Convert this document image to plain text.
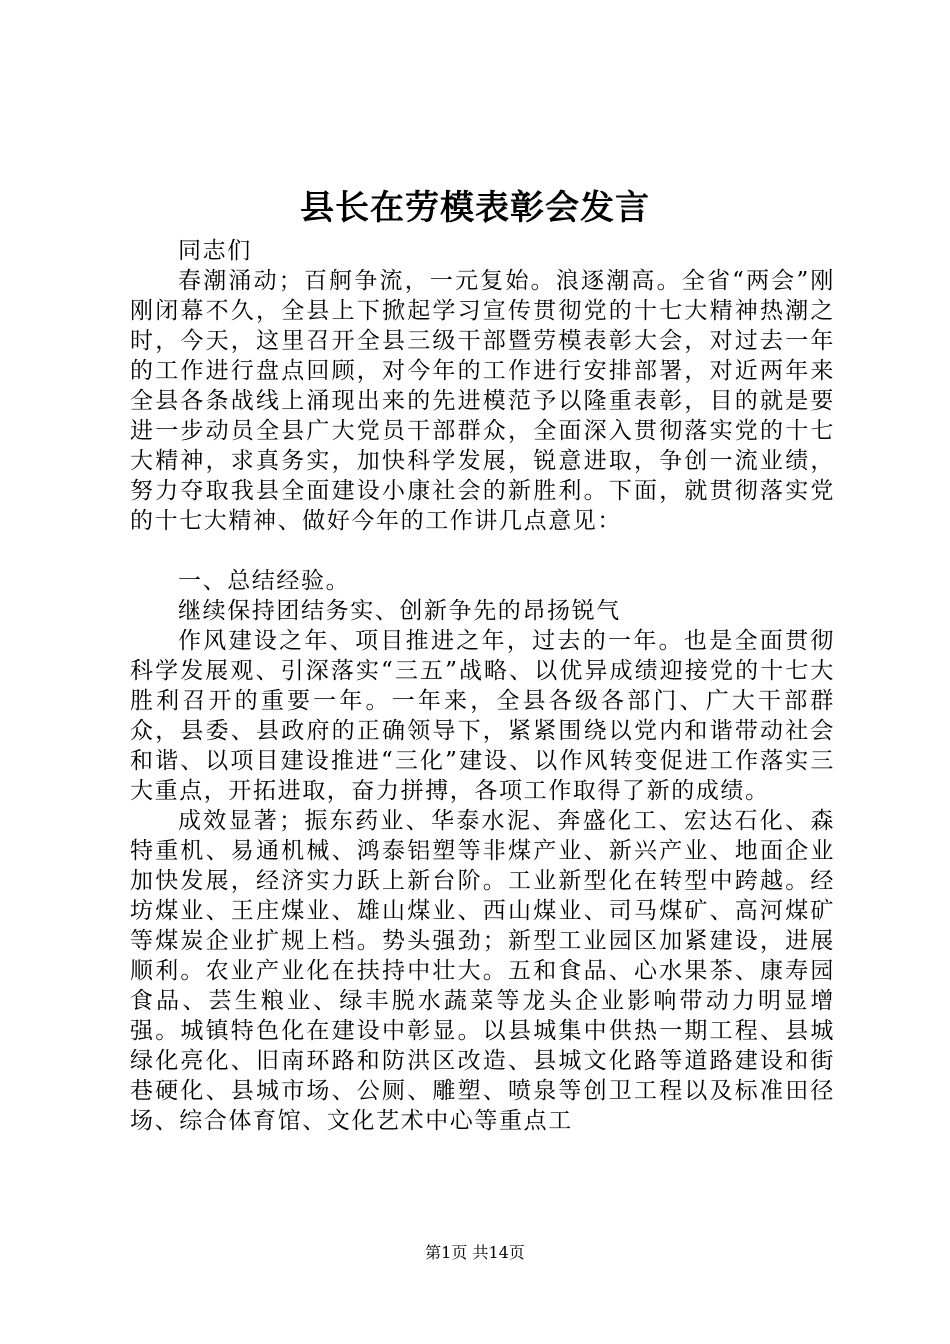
县长在劳模表彰会发言

同志们

春潮涌动；百舸争流，一元复始。浪逐潮高。全省“两会”刚刚闭幕不久，全县上下掀起学习宣传贯彻党的十七大精神热潮之时，今天，这里召开全县三级干部暨劳模表彰大会，对过去一年的工作进行盘点回顾，对今年的工作进行安排部署，对近两年来全县各条战线上涌现出来的先进模范予以隆重表彰，目的就是要进一步动员全县广大党员干部群众，全面深入贯彻落实党的十七大精神，求真务实，加快科学发展，锐意进取，争创一流业绩，努力夺取我县全面建设小康社会的新胜利。下面，就贯彻落实党的十七大精神、做好今年的工作讲几点意见：

一、总结经验。

继续保持团结务实、创新争先的昂扬锐气

作风建设之年、项目推进之年，过去的一年。也是全面贯彻科学发展观、引深落实“三五”战略、以优异成绩迎接党的十七大胜利召开的重要一年。一年来，全县各级各部门、广大干部群众，县委、县政府的正确领导下，紧紧围绕以党内和谐带动社会和谐、以项目建设推进“三化”建设、以作风转变促进工作落实三大重点，开拓进取，奋力拼搏，各项工作取得了新的成绩。

成效显著；振东药业、华泰水泥、奔盛化工、宏达石化、森特重机、易通机械、鸿泰铝塑等非煤产业、新兴产业、地面企业加快发展，经济实力跃上新台阶。工业新型化在转型中跨越。经坊煤业、王庄煤业、雄山煤业、西山煤业、司马煤矿、高河煤矿等煤炭企业扩规上档。势头强劲；新型工业园区加紧建设，进展顺利。农业产业化在扶持中壮大。五和食品、心水果茶、康寿园食品、芸生粮业、绿丰脱水蔬菜等龙头企业影响带动力明显增强。城镇特色化在建设中彰显。以县城集中供热一期工程、县城绿化亮化、旧南环路和防洪区改造、县城文化路等道路建设和街巷硬化、县城市场、公厕、雕塑、喷泉等创卫工程以及标准田径场、综合体育馆、文化艺术中心等重点工

第1页 共14页
